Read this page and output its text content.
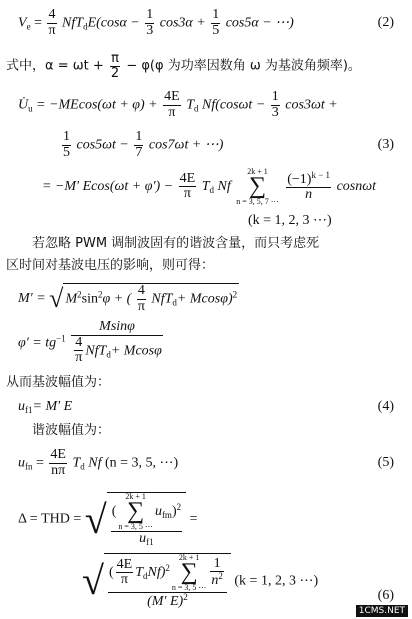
$V_e = \frac{4}{\pi} NfT_dE(\cos\alpha - \frac{1}{3} \cos 3\alpha + \frac{1}{5} \cos 5\alpha$ − ⋯)	(2)
式中，$\alpha = \omega t + \frac{\pi}{2} - \varphi(\varphi$ 为功率因数角 ω 为基波角频率)。
$U̇_u = -MEcos(\omega t + \varphi) + \frac{4E}{\pi} T_d$ $Nf(\cos\omega t - \frac{1}{3} \cos 3\omega t$ +
$\frac{1}{5} \cos 5\omega t - \frac{1}{7} \cos 7\omega t$ + ⋯)	(3)
= −M′ $Ecos(\omega t + \varphi') - \frac{4E}{\pi} T_d$ Nf
2k + 1
∑
n = 3, 5, 7 ⋯
$\frac{(-1)^{k - 1}}{n}$ cosnωt
(k = 1, 2, 3 ⋯)
若忽略 PWM 调制波固有的谐波含量，而只考虑死
区时间对基波电压的影响，则可得：
M′ = √ $M^2\sin^2\varphi$ + ( $\frac{4}{\pi} NfT_d+ Mcos\varphi)^2$
$\varphi' = tg^{-1} \frac{Msin\varphi}{\frac{4}{\pi} NfT_d+ Mcos\varphi}$
从而基波幅值为：
$u_{f1}= M'$ E	(4)
谐波幅值为：
$u_{fn} = \frac{4E}{n\pi} T_d$ Nf (n = 3, 5, ⋯)	(5)
Δ = THD = √ (
2k + 1
∑
n = 3, 5 ⋯
$u_{fm})^2$
$u_{f1}$ =
√ ( $\frac{4E}{\pi} T_dNf)^2$
2k + 1
∑
n = 3, 5 ⋯ $\frac{1}{n^2}$
(M′ E)$^2$ (k = 1, 2, 3 ⋯)
(6)
1CMS.NET
